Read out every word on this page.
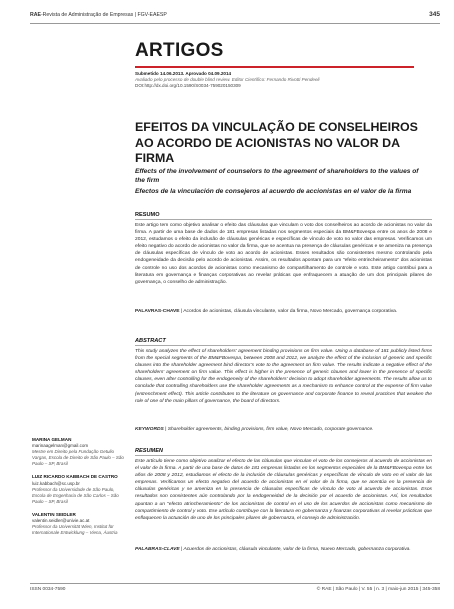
RAE-Revista de Administração de Empresas | FGV-EAESP	345
ARTIGOS
Submetido 14.06.2013. Aprovado 04.09.2014
Avaliado pelo processo de double blind review. Editor Científico: Fernando Rivotti Pendeeli
DOI:http://dx.doi.org/10.1590/S0034-759020150309
EFEITOS DA VINCULAÇÃO DE CONSELHEIROS AO ACORDO DE ACIONISTAS NO VALOR DA FIRMA
Effects of the involvement of counselors to the agreement of shareholders to the values of the firm
Efectos de la vinculación de consejeros al acuerdo de accionistas en el valor de la firma
RESUMO
Este artigo tem como objetivo analisar o efeito das cláusulas que vinculam o voto dos conselheiros ao acordo de acionistas no valor da firma. A partir de uma base de dados de 181 empresas listadas nos segmentos especiais da BM&FBovespa entre os anos de 2008 e 2012, estudamos o efeito da inclusão de cláusulas genéricas e específicas de vínculo de voto no valor das empresas. Verificamos um efeito negativo do acordo de acionistas no valor da firma, que se acentua na presença de cláusulas genéricas e se ameniza na presença de cláusulas específicas de vínculo de voto ao acordo de acionistas. Esses resultados são consistentes mesmo controlando pela endogeneidade da decisão pelo acordo de acionistas. Assim, os resultados apontam para um "efeito entrincheiramento" dos acionistas de controle no uso dos acordos de acionistas como mecanismo de compartilhamento de controle e voto. Este artigo contribui para a literatura em governança e finanças corporativas ao revelar práticas que enfraquecem a atuação de um dos principais pilares de governança, o conselho de administração.
PALAVRAS-CHAVE | Acordos de acionistas, cláusula vinculante, valor da firma, Novo Mercado, governança corporativa.
ABSTRACT
This study analyzes the effect of shareholders' agreement binding provisions on firm value. Using a database of 181 publicly listed firms from the special segments of the BM&FBovespa, between 2008 and 2012, we analyze the effect of the inclusion of generic and specific clauses into the shareholder agreement bind director's vote to the agreement on firm value. The results indicate a negative effect of the shareholders' agreement on firm value. This effect is higher in the presence of generic clauses and lower in the presence of specific clauses, even after controlling for the endogeneity of the shareholders' decision to adopt shareholder agreements. The results allow us to conclude that controlling shareholders use the shareholder agreements as a mechanism to enhance control at the expense of firm value (entrenchment effect). This article contributes to the literature on governance and corporate finance to reveal practices that weaken the role of one of the main pillars of governance, the board of directors.
KEYWORDS | Shareholder agreements, binding provisions, firm value, Novo Mercado, corporate governance.
RESUMEN
Este artículo tiene como objetivo analizar el efecto de las cláusulas que vinculan el voto de los consejeros al acuerdo de accionistas en el valor de la firma. A partir de una base de datos de 181 empresas listadas en los segmentos especiales de la BM&FBovespa entre los años de 2008 y 2012, estudiamos el efecto de la inclusión de cláusulas genéricas y específicas de vínculo de voto en el valor de las empresas. Verificamos un efecto negativo del acuerdo de accionistas en el valor de la firma, que se acentúa en la presencia de cláusulas genéricas y se ameniza en la presencia de cláusulas específicas de vínculo de voto al acuerdo de accionistas. Esos resultados son consistentes aún controlando por la endogeneidad de la decisión por el acuerdo de accionistas. Así, los resultados apuntan a un "efecto atrincheramiento" de los accionistas de control en el uso de los acuerdos de accionistas como mecanismo de compartimiento de control y voto. Ese artículo contribuye con la literatura en gobernanza y finanzas corporativas al revelar prácticas que enflaquecen la actuación de uno de los principales pilares de gobernanza, el consejo de administración.
PALABRAS-CLAVE | Acuerdos de accionistas, cláusula vinculante, valor de la firma, Nuevo Mercado, gobernanza corporativa.
MARINA GELMAN
marinaagelman@gmail.com
Mestre em Direito pela Fundação Getulio Vargas, Escola de Direito de São Paulo – São Paulo – SP, Brasil
LUIZ RICARDO KABBACH DE CASTRO
luiz.kabbach@sc.usp.br
Professor da Universidade de São Paulo, Escola de Engenharia de São Carlos – São Paulo – SP, Brasil
VALENTIN SEIDLER
valentin.seidler@univie.ac.at
Professor da Universität Wien, Institut für Internationale Entwicklung – Viena, Áustria
ISSN 0034-7590	© RAE | São Paulo | V. 55 | n. 3 | maio-jun 2015 | 345-358
